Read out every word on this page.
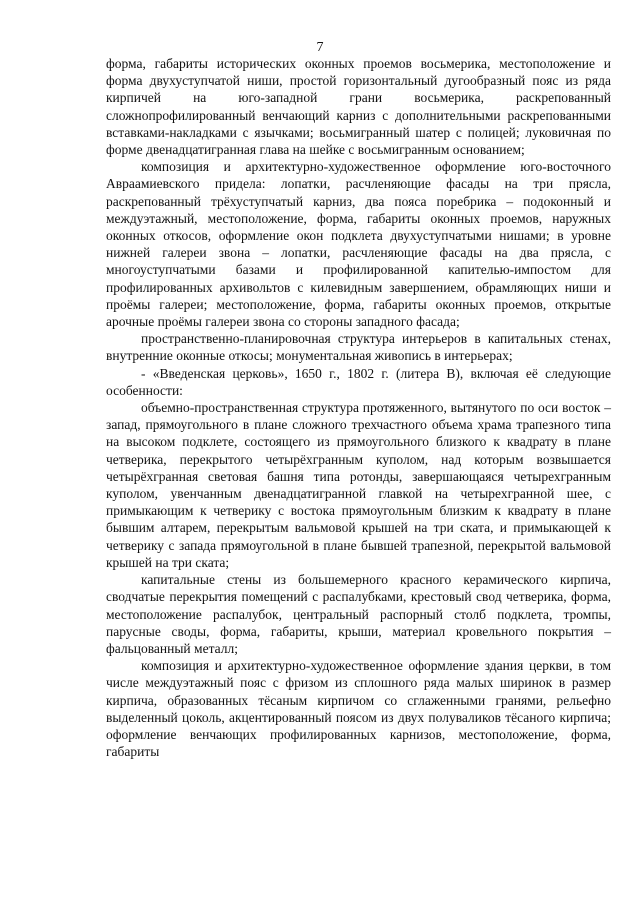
7

форма, габариты исторических оконных проемов восьмерика, местоположение и форма двухуступчатой ниши, простой горизонтальный дугообразный пояс из ряда кирпичей на юго-западной грани восьмерика, раскрепованный сложнопрофилированный венчающий карниз с дополнительными раскрепованными вставками-накладками с язычками; восьмигранный шатер с полицей; луковичная по форме двенадцатигранная глава на шейке с восьмигранным основанием;

композиция и архитектурно-художественное оформление юго-восточного Авраамиевского придела: лопатки, расчленяющие фасады на три прясла, раскрепованный трёхуступчатый карниз, два пояса поребрика – подоконный и междуэтажный, местоположение, форма, габариты оконных проемов, наружных оконных откосов, оформление окон подклета двухуступчатыми нишами; в уровне нижней галереи звона – лопатки, расчленяющие фасады на два прясла, с многоуступчатыми базами и профилированной капителью-импостом для профилированных архивольтов с килевидным завершением, обрамляющих ниши и проёмы галереи; местоположение, форма, габариты оконных проемов, открытые арочные проёмы галереи звона со стороны западного фасада;

пространственно-планировочная структура интерьеров в капитальных стенах, внутренние оконные откосы; монументальная живопись в интерьерах;

- «Введенская церковь», 1650 г., 1802 г. (литера В), включая её следующие особенности:

объемно-пространственная структура протяженного, вытянутого по оси восток – запад, прямоугольного в плане сложного трехчастного объема храма трапезного типа на высоком подклете, состоящего из прямоугольного близкого к квадрату в плане четверика, перекрытого четырёхгранным куполом, над которым возвышается четырёхгранная световая башня типа ротонды, завершающаяся четырехгранным куполом, увенчанным двенадцатигранной главкой на четырехгранной шее, с примыкающим к четверику с востока прямоугольным близким к квадрату в плане бывшим алтарем, перекрытым вальмовой крышей на три ската, и примыкающей к четверику с запада прямоугольной в плане бывшей трапезной, перекрытой вальмовой крышей на три ската;

капитальные стены из большемерного красного керамического кирпича, сводчатые перекрытия помещений с распалубками, крестовый свод четверика, форма, местоположение распалубок, центральный распорный столб подклета, тромпы, парусные своды, форма, габариты, крыши, материал кровельного покрытия – фальцованный металл;

композиция и архитектурно-художественное оформление здания церкви, в том числе междуэтажный пояс с фризом из сплошного ряда малых ширинок в размер кирпича, образованных тёсаным кирпичом со сглаженными гранями, рельефно выделенный цоколь, акцентированный поясом из двух полуваликов тёсаного кирпича; оформление венчающих профилированных карнизов, местоположение, форма, габариты
